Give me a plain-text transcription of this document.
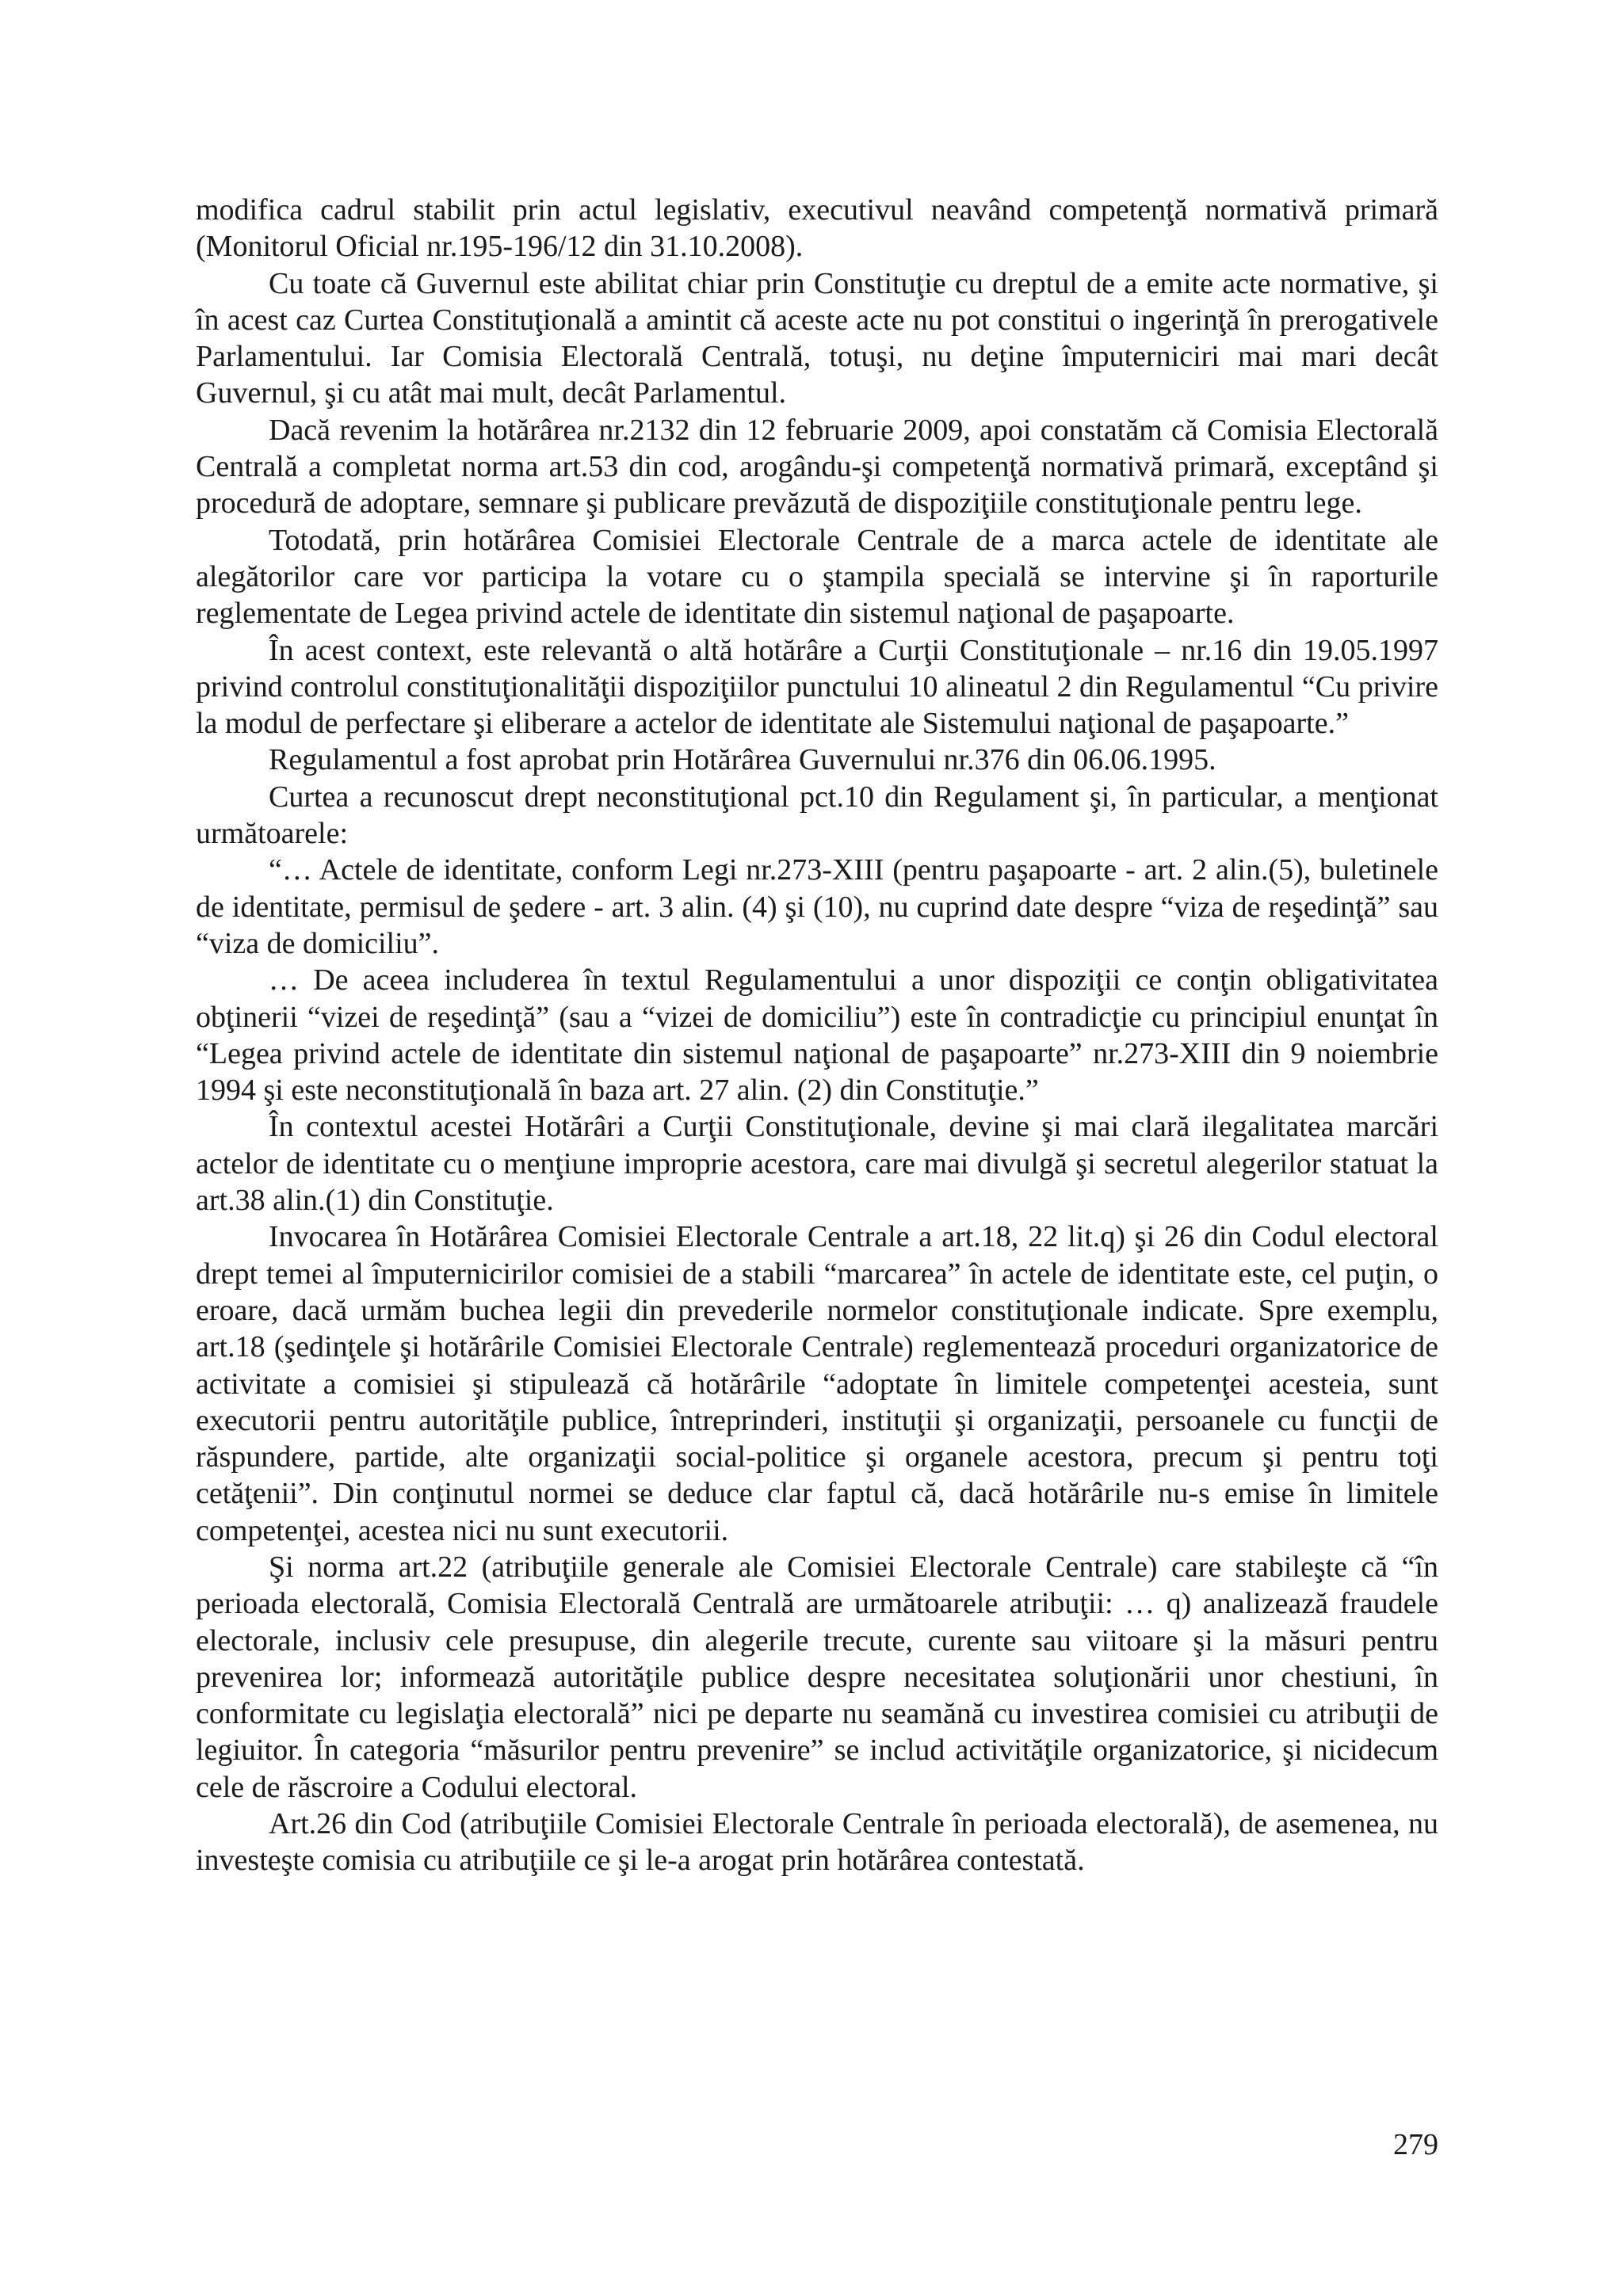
modifica cadrul stabilit prin actul legislativ, executivul neavând competenţă normativă primară (Monitorul Oficial nr.195-196/12 din 31.10.2008).

Cu toate că Guvernul este abilitat chiar prin Constituţie cu dreptul de a emite acte normative, şi în acest caz Curtea Constituţională a amintit că aceste acte nu pot constitui o ingerinţă în prerogativele Parlamentului. Iar Comisia Electorală Centrală, totuşi, nu deţine împuterniciri mai mari decât Guvernul, şi cu atât mai mult, decât Parlamentul.

Dacă revenim la hotărârea nr.2132 din 12 februarie 2009, apoi constatăm că Comisia Electorală Centrală a completat norma art.53 din cod, arogându-şi competenţă normativă primară, exceptând şi procedură de adoptare, semnare şi publicare prevăzută de dispoziţiile constituţionale pentru lege.

Totodată, prin hotărârea Comisiei Electorale Centrale de a marca actele de identitate ale alegătorilor care vor participa la votare cu o ştampila specială se intervine şi în raporturile reglementate de Legea privind actele de identitate din sistemul naţional de paşapoarte.

În acest context, este relevantă o altă hotărâre a Curţii Constituţionale – nr.16 din 19.05.1997 privind controlul constituţionalităţii dispoziţiilor punctului 10 alineatul 2 din Regulamentul “Cu privire la modul de perfectare şi eliberare a actelor de identitate ale Sistemului naţional de paşapoarte.”

Regulamentul a fost aprobat prin Hotărârea Guvernului nr.376 din 06.06.1995.

Curtea a recunoscut drept neconstituţional pct.10 din Regulament şi, în particular, a menţionat următoarele:

“… Actele de identitate, conform Legi nr.273-XIII (pentru paşapoarte - art. 2 alin.(5), buletinele de identitate, permisul de şedere - art. 3 alin. (4) şi (10), nu cuprind date despre “viza de reşedinţă” sau “viza de domiciliu”.

… De aceea includerea în textul Regulamentului a unor dispoziţii ce conţin obligativitatea obţinerii “vizei de reşedinţă” (sau a “vizei de domiciliu”) este în contradicţie cu principiul enunţat în “Legea privind actele de identitate din sistemul naţional de paşapoarte” nr.273-XIII din 9 noiembrie 1994 şi este neconstituţională în baza art. 27 alin. (2) din Constituţie.”

În contextul acestei Hotărâri a Curţii Constituţionale, devine şi mai clară ilegalitatea marcări actelor de identitate cu o menţiune improprie acestora, care mai divulgă şi secretul alegerilor statuat la art.38 alin.(1) din Constituţie.

Invocarea în Hotărârea Comisiei Electorale Centrale a art.18, 22 lit.q) şi 26 din Codul electoral drept temei al împuternicirilor comisiei de a stabili “marcarea” în actele de identitate este, cel puţin, o eroare, dacă urmăm buchea legii din prevederile normelor constituţionale indicate. Spre exemplu, art.18 (şedinţele şi hotărârile Comisiei Electorale Centrale) reglementează proceduri organizatorice de activitate a comisiei şi stipulează că hotărârile “adoptate în limitele competenţei acesteia, sunt executorii pentru autorităţile publice, întreprinderi, instituţii şi organizaţii, persoanele cu funcţii de răspundere, partide, alte organizaţii social-politice şi organele acestora, precum şi pentru toţi cetăţenii”. Din conţinutul normei se deduce clar faptul că, dacă hotărârile nu-s emise în limitele competenţei, acestea nici nu sunt executorii.

Şi norma art.22 (atribuţiile generale ale Comisiei Electorale Centrale) care stabileşte că “în perioada electorală, Comisia Electorală Centrală are următoarele atribuţii: … q) analizează fraudele electorale, inclusiv cele presupuse, din alegerile trecute, curente sau viitoare şi la măsuri pentru prevenirea lor; informează autorităţile publice despre necesitatea soluţionării unor chestiuni, în conformitate cu legislaţia electorală” nici pe departe nu seamănă cu investirea comisiei cu atribuţii de legiuitor. În categoria “măsurilor pentru prevenire” se includ activităţile organizatorice, şi nicidecum cele de răscroire a Codului electoral.

Art.26 din Cod (atribuţiile Comisiei Electorale Centrale în perioada electorală), de asemenea, nu investeşte comisia cu atribuţiile ce şi le-a arogat prin hotărârea contestată.

279
